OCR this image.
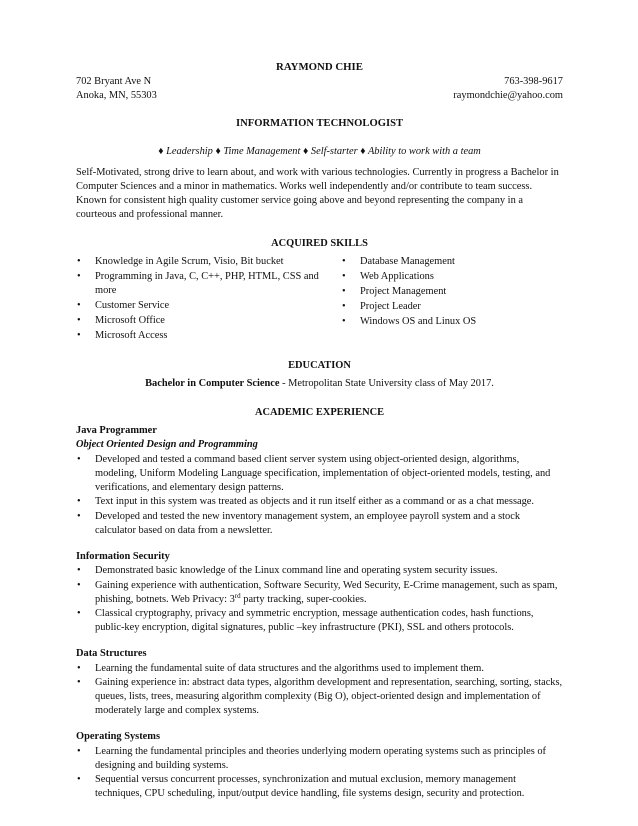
RAYMOND CHIE
702 Bryant Ave N	763-398-9617
Anoka, MN, 55303	raymondchie@yahoo.com
INFORMATION TECHNOLOGIST
♦ Leadership ♦ Time Management ♦ Self-starter ♦ Ability to work with a team
Self-Motivated, strong drive to learn about, and work with various technologies. Currently in progress a Bachelor in Computer Sciences and a minor in mathematics. Works well independently and/or contribute to team success. Known for consistent high quality customer service going above and beyond representing the company in a courteous and professional manner.
ACQUIRED SKILLS
• Knowledge in Agile Scrum, Visio, Bit bucket
• Programming in Java, C, C++, PHP, HTML, CSS and more
• Customer Service
• Microsoft Office
• Microsoft Access
• Database Management
• Web Applications
• Project Management
• Project Leader
• Windows OS and Linux OS
EDUCATION
Bachelor in Computer Science - Metropolitan State University class of May 2017.
ACADEMIC EXPERIENCE
Java Programmer
Object Oriented Design and Programming
• Developed and tested a command based client server system using object-oriented design, algorithms, modeling, Uniform Modeling Language specification, implementation of object-oriented models, testing, and verifications, and elementary design patterns.
• Text input in this system was treated as objects and it run itself either as a command or as a chat message.
• Developed and tested the new inventory management system, an employee payroll system and a stock calculator based on data from a newsletter.
Information Security
• Demonstrated basic knowledge of the Linux command line and operating system security issues.
• Gaining experience with authentication, Software Security, Wed Security, E-Crime management, such as spam, phishing, botnets. Web Privacy: 3rd party tracking, super-cookies.
• Classical cryptography, privacy and symmetric encryption, message authentication codes, hash functions, public-key encryption, digital signatures, public –key infrastructure (PKI), SSL and others protocols.
Data Structures
• Learning the fundamental suite of data structures and the algorithms used to implement them.
• Gaining experience in: abstract data types, algorithm development and representation, searching, sorting, stacks, queues, lists, trees, measuring algorithm complexity (Big O), object-oriented design and implementation of moderately large and complex systems.
Operating Systems
• Learning the fundamental principles and theories underlying modern operating systems such as principles of designing and building systems.
• Sequential versus concurrent processes, synchronization and mutual exclusion, memory management techniques, CPU scheduling, input/output device handling, file systems design, security and protection.
